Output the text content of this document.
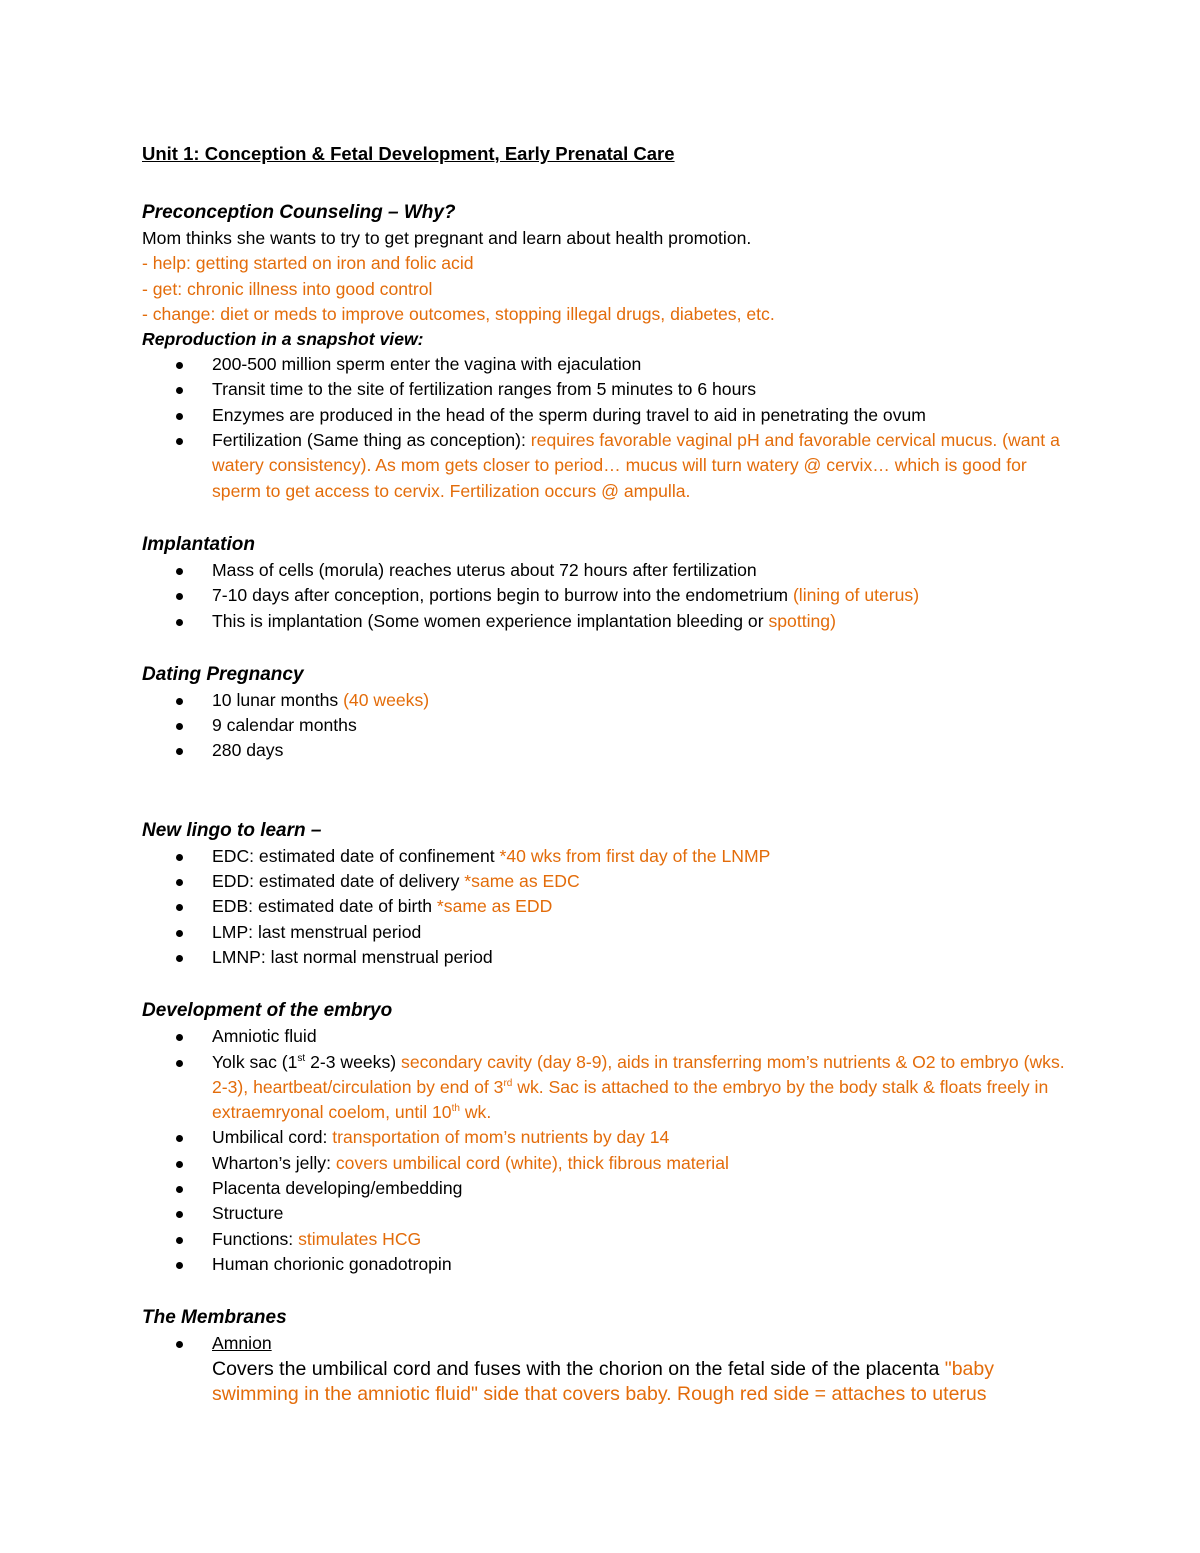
Unit 1: Conception & Fetal Development, Early Prenatal Care

Preconception Counseling – Why?

Mom thinks she wants to try to get pregnant and learn about health promotion.

- help: getting started on iron and folic acid

- get: chronic illness into good control

- change: diet or meds to improve outcomes, stopping illegal drugs, diabetes, etc.

Reproduction in a snapshot view:

200-500 million sperm enter the vagina with ejaculation
Transit time to the site of fertilization ranges from 5 minutes to 6 hours
Enzymes are produced in the head of the sperm during travel to aid in penetrating the ovum
Fertilization (Same thing as conception): requires favorable vaginal pH and favorable cervical mucus. (want a watery consistency). As mom gets closer to period… mucus will turn watery @ cervix… which is good for sperm to get access to cervix. Fertilization occurs @ ampulla.

Implantation

Mass of cells (morula) reaches uterus about 72 hours after fertilization
7-10 days after conception, portions begin to burrow into the endometrium (lining of uterus)
This is implantation (Some women experience implantation bleeding or spotting)

Dating Pregnancy

10 lunar months (40 weeks)
9 calendar months
280 days

New lingo to learn –

EDC: estimated date of confinement *40 wks from first day of the LNMP
EDD: estimated date of delivery *same as EDC
EDB: estimated date of birth *same as EDD
LMP: last menstrual period
LMNP: last normal menstrual period

Development of the embryo

Amniotic fluid
Yolk sac (1st 2-3 weeks) secondary cavity (day 8-9), aids in transferring mom’s nutrients & O2 to embryo (wks. 2-3), heartbeat/circulation by end of 3rd wk. Sac is attached to the embryo by the body stalk & floats freely in extraemryonal coelom, until 10th wk.
Umbilical cord: transportation of mom’s nutrients by day 14
Wharton’s jelly: covers umbilical cord (white), thick fibrous material
Placenta developing/embedding
Structure
Functions: stimulates HCG
Human chorionic gonadotropin

The Membranes

Amnion
Covers the umbilical cord and fuses with the chorion on the fetal side of the placenta "baby swimming in the amniotic fluid" side that covers baby. Rough red side = attaches to uterus
